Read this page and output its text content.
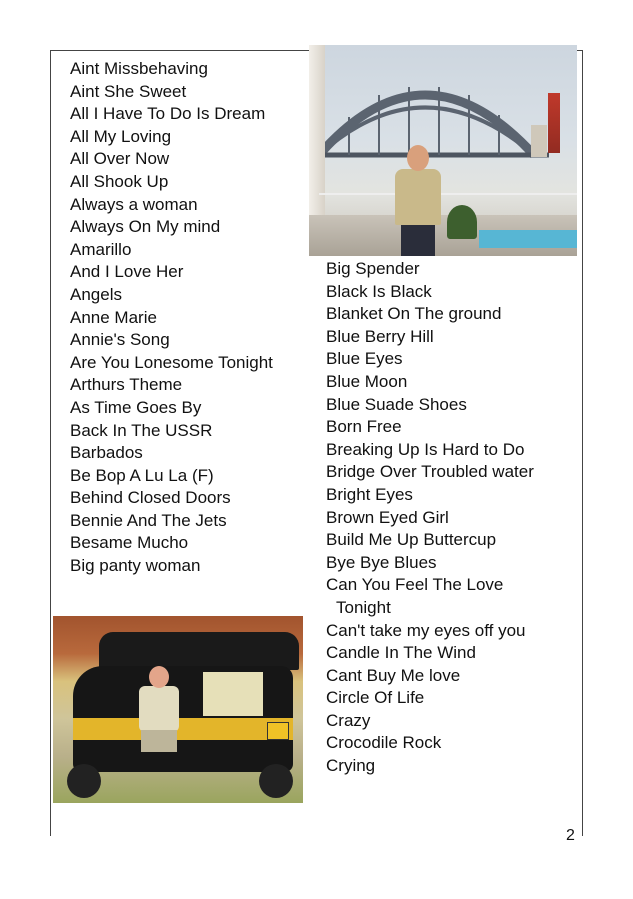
Aint Missbehaving
Aint She Sweet
All I Have To Do Is Dream
All My Loving
All Over Now
All Shook Up
Always a woman
Always On My mind
Amarillo
And I Love Her
Angels
Anne Marie
Annie's Song
Are You Lonesome Tonight
Arthurs Theme
As Time Goes By
Back In The USSR
Barbados
Be Bop A Lu La (F)
Behind Closed Doors
Bennie And The Jets
Besame Mucho
Big panty woman
Big Spender
Black Is Black
Blanket On The ground
Blue Berry Hill
Blue Eyes
Blue Moon
Blue Suade Shoes
Born Free
Breaking Up Is Hard to Do
Bridge Over Troubled water
Bright Eyes
Brown Eyed Girl
Build Me Up Buttercup
Bye Bye Blues
Can You Feel The Love Tonight
Can't take my eyes off you
Candle In The Wind
Cant Buy Me love
Circle Of Life
Crazy
Crocodile Rock
Crying
2
